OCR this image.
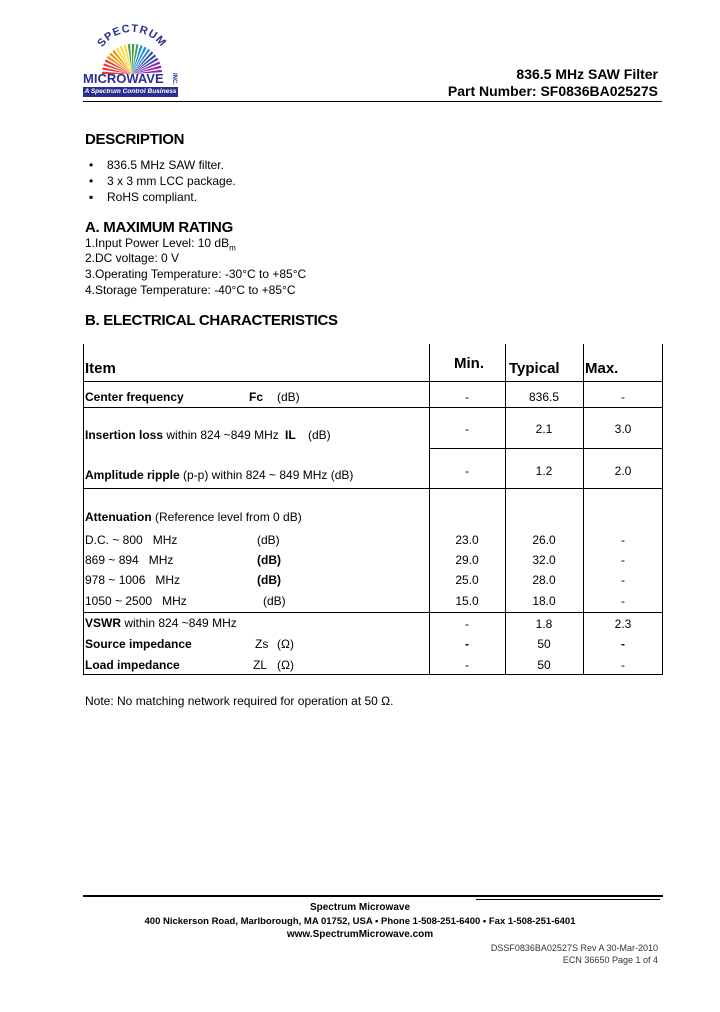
SPECTRUM
MICROWAVE INC.
A Spectrum Control Business
836.5 MHz SAW Filter
Part Number: SF0836BA02527S
DESCRIPTION
• 836.5 MHz SAW filter.
• 3 x 3 mm LCC package.
▪ RoHS compliant.
A. MAXIMUM RATING
1.Input Power Level: 10 $dB_m$
2.DC voltage: 0 V
3.Operating Temperature: -30°C to +85°C
4.Storage Temperature: -40°C to +85°C
B. ELECTRICAL CHARACTERISTICS
Item	Min. Typical Max.
Center frequency	Fc (dB)	-	836.5	-
Insertion loss within 824 ~849 MHz IL (dB)	-	2.1	3.0
Amplitude ripple (p-p) within 824 ~ 849 MHz (dB)	-	1.2	2.0
Attenuation (Reference level from 0 dB)
D.C. ~ 800   MHz	(dB)	23.0	26.0	-
869 ~ 894   MHz	(dB)	29.0	32.0	-
978 ~ 1006   MHz	(dB)	25.0	28.0	-
1050 ~ 2500   MHz	(dB)	15.0	18.0	-
VSWR within 824 ~849 MHz	-	1.8	2.3
Source impedance	Zs (Ω)	-	50	-
Load impedance	ZL (Ω)	-	50	-
Note: No matching network required for operation at 50 Ω.
Spectrum Microwave
400 Nickerson Road, Marlborough, MA 01752, USA • Phone 1-508-251-6400 • Fax 1-508-251-6401
www.SpectrumMicrowave.com
DSSF0836BA02527S Rev A 30-Mar-2010
ECN 36650 Page 1 of 4
